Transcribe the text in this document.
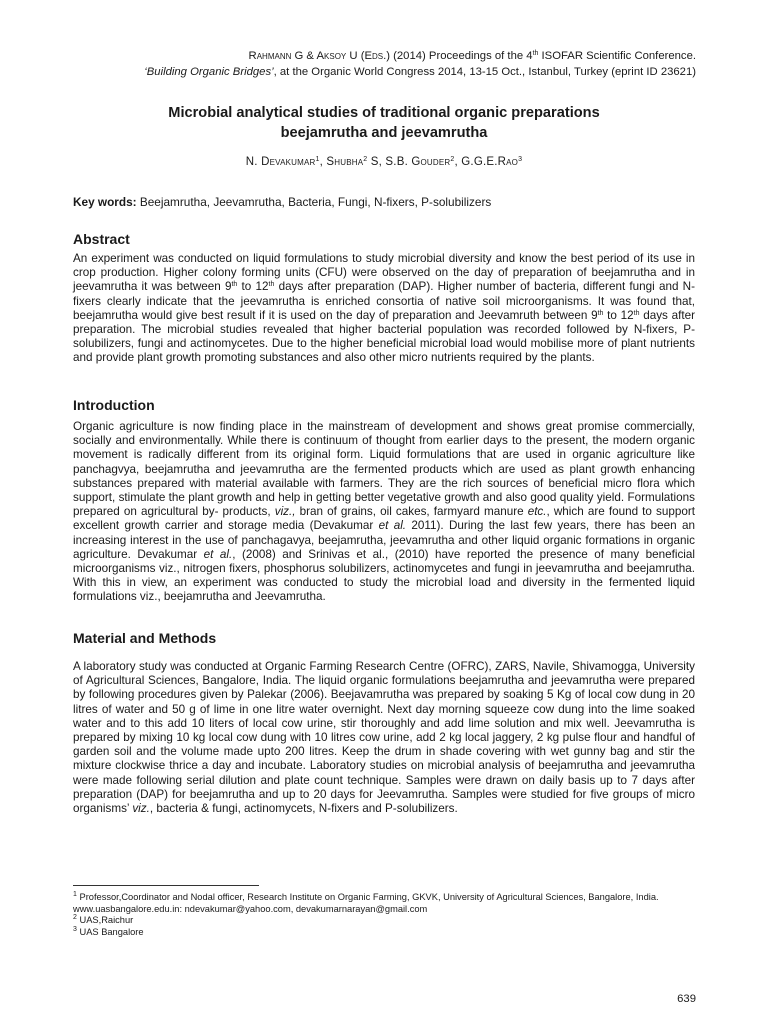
Rahmann G & Aksoy U (Eds.) (2014) Proceedings of the 4th ISOFAR Scientific Conference.
‘Building Organic Bridges’, at the Organic World Congress 2014, 13-15 Oct., Istanbul, Turkey (eprint ID 23621)
Microbial analytical studies of traditional organic preparations
beejamrutha and jeevamrutha
N. Devakumar$^1$, Shubha$^2$ S, S.B. Gouder$^2$, G.G.E.Rao$^3$
Key words: Beejamrutha, Jeevamrutha, Bacteria, Fungi, N-fixers, P-solubilizers
Abstract

An experiment was conducted on liquid formulations to study microbial diversity and know the best period of its use in crop production. Higher colony forming units (CFU) were observed on the day of preparation of beejamrutha and in jeevamrutha it was between 9th to 12th days after preparation (DAP). Higher number of bacteria, different fungi and N-fixers clearly indicate that the jeevamrutha is enriched consortia of native soil microorganisms. It was found that, beejamrutha would give best result if it is used on the day of preparation and Jeevamruth between 9th to 12th days after preparation. The microbial studies revealed that higher bacterial population was recorded followed by N-fixers, P-solubilizers, fungi and actinomycetes. Due to the higher beneficial microbial load would mobilise more of plant nutrients and provide plant growth promoting substances and also other micro nutrients required by the plants.

Introduction

Organic agriculture is now finding place in the mainstream of development and shows great promise commercially, socially and environmentally. While there is continuum of thought from earlier days to the present, the modern organic movement is radically different from its original form. Liquid formulations that are used in organic agriculture like panchagvya, beejamrutha and jeevamrutha are the fermented products which are used as plant growth enhancing substances prepared with material available with farmers. They are the rich sources of beneficial micro flora which support, stimulate the plant growth and help in getting better vegetative growth and also good quality yield. Formulations prepared on agricultural by- products, viz., bran of grains, oil cakes, farmyard manure etc., which are found to support excellent growth carrier and storage media (Devakumar et al. 2011). During the last few years, there has been an increasing interest in the use of panchagavya, beejamrutha, jeevamrutha and other liquid organic formations in organic agriculture. Devakumar et al., (2008) and Srinivas et al., (2010) have reported the presence of many beneficial microorganisms viz., nitrogen fixers, phosphorus solubilizers, actinomycetes and fungi in jeevamrutha and beejamrutha. With this in view, an experiment was conducted to study the microbial load and diversity in the fermented liquid formulations viz., beejamrutha and Jeevamrutha.

Material and Methods

A laboratory study was conducted at Organic Farming Research Centre (OFRC), ZARS, Navile, Shivamogga, University of Agricultural Sciences, Bangalore, India. The liquid organic formulations beejamrutha and jeevamrutha were prepared by following procedures given by Palekar (2006). Beejavamrutha was prepared by soaking 5 Kg of local cow dung in 20 litres of water and 50 g of lime in one litre water overnight. Next day morning squeeze cow dung into the lime soaked water and to this add 10 liters of local cow urine, stir thoroughly and add lime solution and mix well. Jeevamrutha is prepared by mixing 10 kg local cow dung with 10 litres cow urine, add 2 kg local jaggery, 2 kg pulse flour and handful of garden soil and the volume made upto 200 litres. Keep the drum in shade covering with wet gunny bag and stir the mixture clockwise thrice a day and incubate. Laboratory studies on microbial analysis of beejamrutha and jeevamrutha were made following serial dilution and plate count technique. Samples were drawn on daily basis up to 7 days after preparation (DAP) for beejamrutha and up to 20 days for Jeevamrutha. Samples were studied for five groups of micro organisms’ viz., bacteria & fungi, actinomycets, N-fixers and P-solubilizers.

$^1$ Professor,Coordinator and Nodal officer, Research Institute on Organic Farming, GKVK, University of Agricultural Sciences, Bangalore, India. www.uasbangalore.edu.in: ndevakumar@yahoo.com, devakumarnarayan@gmail.com
$^2$ UAS,Raichur
$^3$ UAS Bangalore
639
